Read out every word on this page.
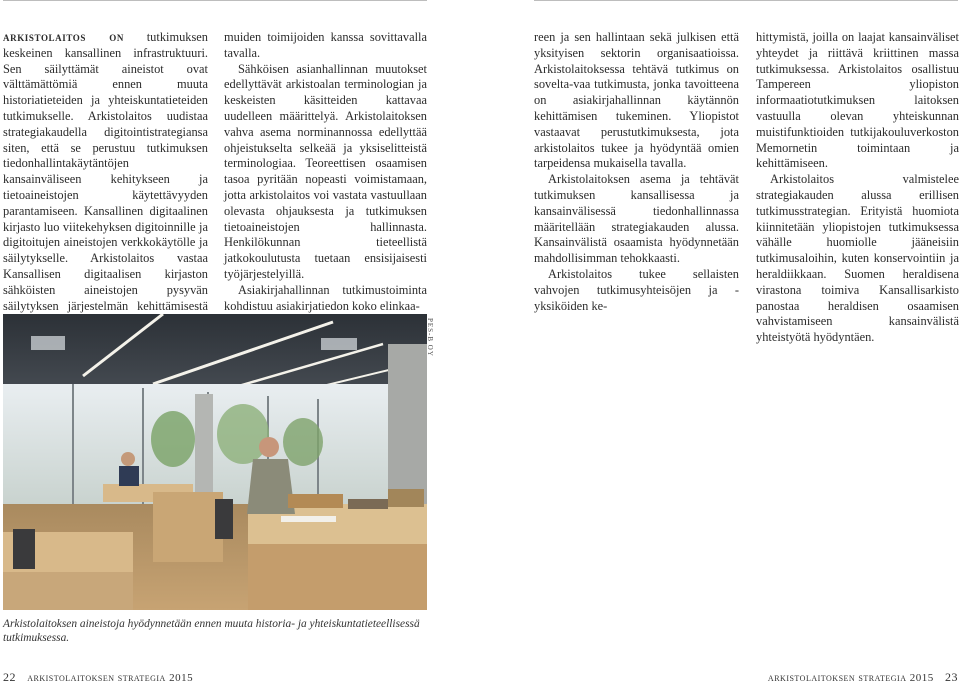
arkistolaitos on tutkimuksen keskeinen kansallinen infrastruktuuri. Sen säilyttämät aineistot ovat välttämättömiä ennen muuta historiatieteiden ja yhteiskuntatieteiden tutkimukselle. Arkistolaitos uudistaa strategiakaudella digitointistrategiansa siten, että se perustuu tutkimuksen tiedonhallintakäytäntöjen kansainväliseen kehitykseen ja tietoaineistojen käytettävyyden parantamiseen. Kansallinen digitaalinen kirjasto luo viitekehyksen digitoinnille ja digitoitujen aineistojen verkkokäytölle ja säilytykselle. Arkistolaitos vastaa Kansallisen digitaalisen kirjaston sähköisten aineistojen pysyvän säilytyksen järjestelmän kehittämisestä

muiden toimijoiden kanssa sovittavalla tavalla.

Sähköisen asianhallinnan muutokset edellyttävät arkistoalan terminologian ja keskeisten käsitteiden kattavaa uudelleen määrittelyä. Arkistolaitoksen vahva asema norminannossa edellyttää ohjeistukselta selkeää ja yksiselitteistä terminologiaa. Teoreettisen osaamisen tasoa pyritään nopeasti voimistamaan, jotta arkistolaitos voi vastata vastuullaan olevasta ohjauksesta ja tutkimuksen tietoaineistojen hallinnasta. Henkilökunnan tieteellistä jatkokoulutusta tuetaan ensisijaisesti työjärjestelyillä.

Asiakirjahallinnan tutkimustoiminta kohdistuu asiakirjatiedon koko elinkaa-

reen ja sen hallintaan sekä julkisen että yksityisen sektorin organisaatioissa. Arkistolaitoksessa tehtävä tutkimus on sovelta-vaa tutkimusta, jonka tavoitteena on asiakirjahallinnan käytännön kehittämisen tukeminen. Yliopistot vastaavat perustutkimuksesta, jota arkistolaitos tukee ja hyödyntää omien tarpeidensa mukaisella tavalla.

Arkistolaitoksen asema ja tehtävät tutkimuksen kansallisessa ja kansainvälisessä tiedonhallinnassa määritellään strategiakauden alussa. Kansainvälistä osaamista hyödynnetään mahdollisimman tehokkaasti.

Arkistolaitos tukee sellaisten vahvojen tutkimusyhteisöjen ja -yksiköiden ke-

hittymistä, joilla on laajat kansainväliset yhteydet ja riittävä kriittinen massa tutkimuksessa. Arkistolaitos osallistuu Tampereen yliopiston informaatiotutkimuksen laitoksen vastuulla olevan yhteiskunnan muistifunktioiden tutkijakouluverkoston Memornetin toimintaan ja kehittämiseen.

Arkistolaitos valmistelee strategiakauden alussa erillisen tutkimusstrategian. Erityistä huomiota kiinnitetään yliopistojen tutkimuksessa vähälle huomiolle jääneisiin tutkimusaloihin, kuten konservointiin ja heraldiikkaan. Suomen heraldisena virastona toimiva Kansallisarkisto panostaa heraldisen osaamisen vahvistamiseen kansainvälistä yhteistyötä hyödyntäen.

PES-B OY
Arkistolaitoksen aineistoja hyödynnetään ennen muuta historia- ja yhteiskuntatieteellisessä tutkimuksessa.
22 arkistolaitoksen strategia 2015	arkistolaitoksen strategia 2015 23
